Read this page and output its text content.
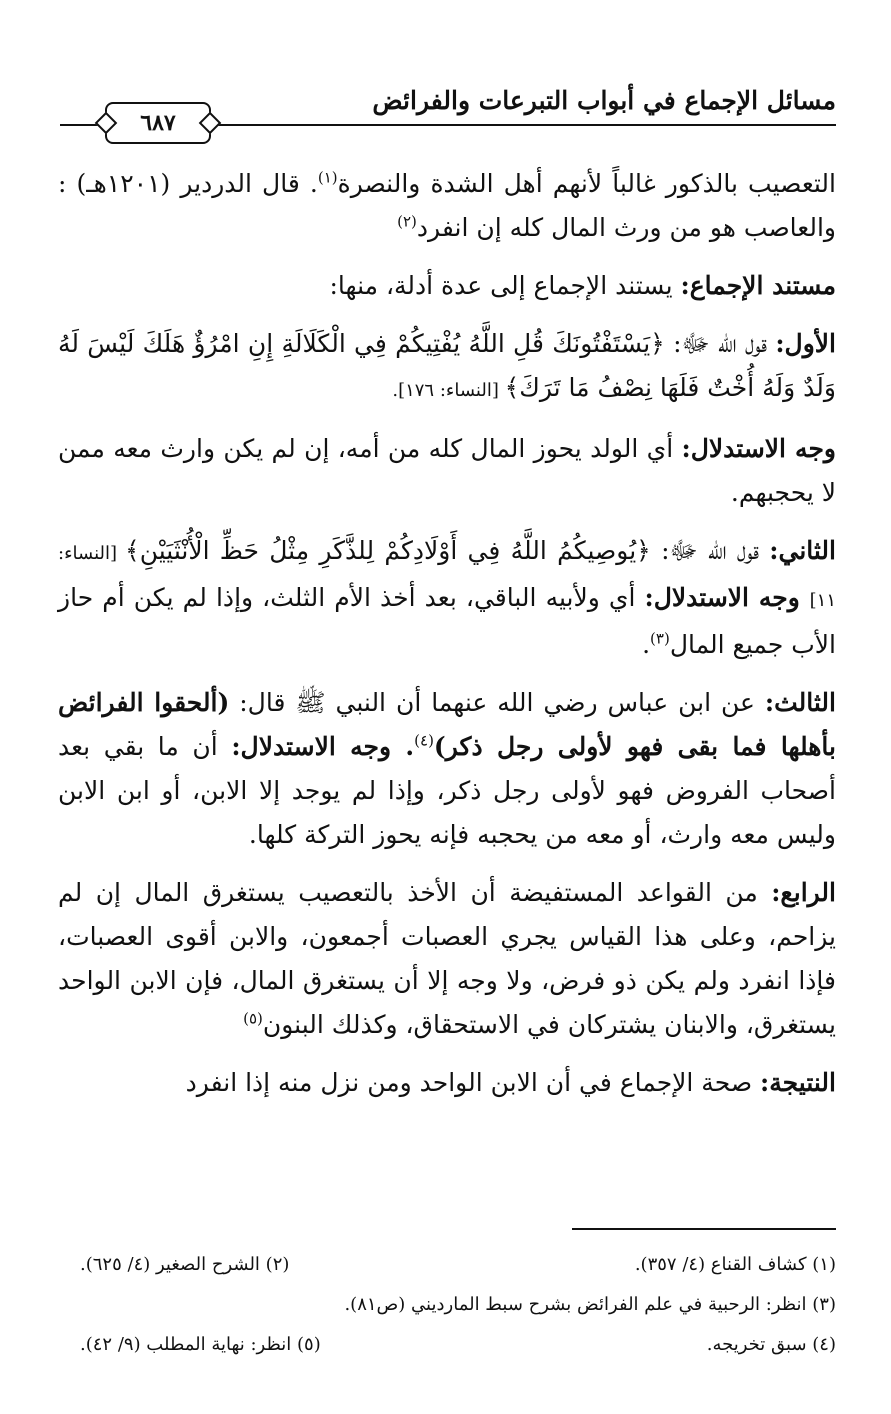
مسائل الإجماع في أبواب التبرعات والفرائض
٦٨٧

التعصيب بالذكور غالباً لأنهم أهل الشدة والنصرة$^{(١)}$. قال الدردير (١٢٠١هـ) : والعاصب هو من ورث المال كله إن انفرد$^{(٢)}$

مستند الإجماع: يستند الإجماع إلى عدة أدلة، منها:

الأول: قول الله ﷻ: ﴿يَسْتَفْتُونَكَ قُلِ اللَّهُ يُفْتِيكُمْ فِي الْكَلَالَةِ إِنِ امْرُؤٌ هَلَكَ لَيْسَ لَهُ وَلَدٌ وَلَهُ أُخْتٌ فَلَهَا نِصْفُ مَا تَرَكَ﴾ [النساء: ١٧٦].

وجه الاستدلال: أي الولد يحوز المال كله من أمه، إن لم يكن وارث معه ممن لا يحجبهم.

الثاني: قول الله ﷻ: ﴿يُوصِيكُمُ اللَّهُ فِي أَوْلَادِكُمْ لِلذَّكَرِ مِثْلُ حَظِّ الْأُنْثَيَيْنِ﴾ [النساء: ١١] وجه الاستدلال: أي ولأبيه الباقي، بعد أخذ الأم الثلث، وإذا لم يكن أم حاز الأب جميع المال$^{(٣)}$.

الثالث: عن ابن عباس رضي الله عنهما أن النبي ﷺ قال: (ألحقوا الفرائض بأهلها فما بقى فهو لأولى رجل ذكر)$^{(٤)}$. وجه الاستدلال: أن ما بقي بعد أصحاب الفروض فهو لأولى رجل ذكر، وإذا لم يوجد إلا الابن، أو ابن الابن وليس معه وارث، أو معه من يحجبه فإنه يحوز التركة كلها.

الرابع: من القواعد المستفيضة أن الأخذ بالتعصيب يستغرق المال إن لم يزاحم، وعلى هذا القياس يجري العصبات أجمعون، والابن أقوى العصبات، فإذا انفرد ولم يكن ذو فرض، ولا وجه إلا أن يستغرق المال، فإن الابن الواحد يستغرق، والابنان يشتركان في الاستحقاق، وكذلك البنون$^{(٥)}$

النتيجة: صحة الإجماع في أن الابن الواحد ومن نزل منه إذا انفرد

(١) كشاف القناع (٤/ ٣٥٧).
(٢) الشرح الصغير (٤/ ٦٢٥).
(٣) انظر: الرحبية في علم الفرائض بشرح سبط المارديني (ص٨١).
(٤) سبق تخريجه.
(٥) انظر: نهاية المطلب (٩/ ٤٢).
